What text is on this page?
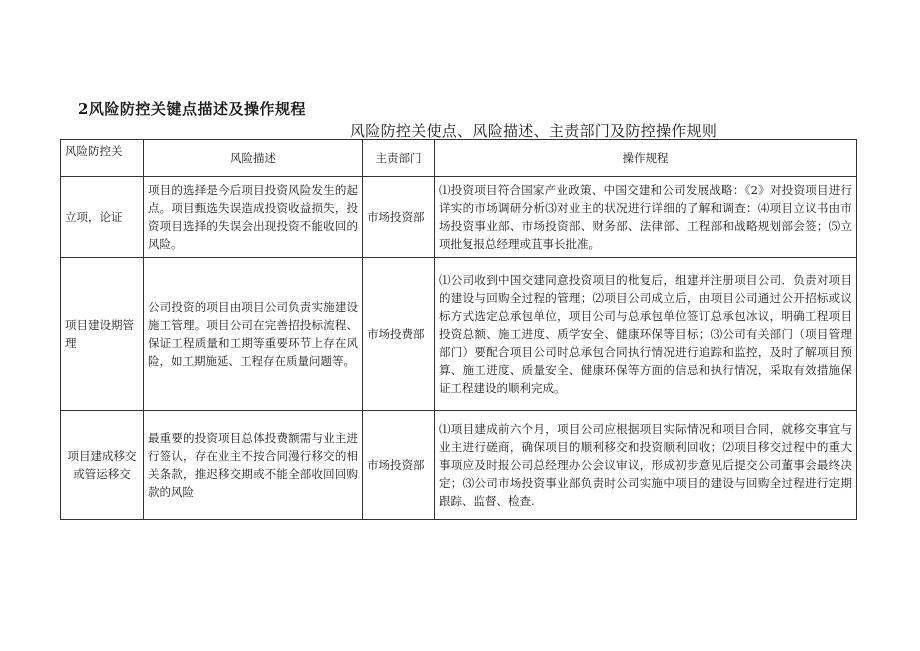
2风险防控关键点描述及操作规程
风险防控关使点、风险描述、主责部门及防控操作规则
风险防控关	风险描述	主责部门	操作规程
立项，论证	项目的选择是今后项目投资风险发生的起点。项目甄选失误造成投资收益损失，投资项目选择的失误会出现投资不能收回的风险。	市场投资部	⑴投资项目符合国家产业政策、中国交建和公司发展战略：《2》对投资项目进行详实的市场调研分析⑶对业主的状况进行详细的了解和调查：⑷项目立议书由市场投资事业部、市场投资部、财务部、法律部、工程部和战略规划部会签；⑸立项批复报总经理或苴事长批准。
项目建设期管理	公司投资的项目由项目公司负责实施建设施工管理。项目公司在完善招投标流程、保证工程质量和工期等重要环节上存在风险，如工期施延、工程存在质量问题等。	市场投费部	⑴公司收到中国交建同意投资项目的枇复后，组建并注册项目公司．负责对项目的建设与回购全过程的管理；⑵项目公司成立后，由项目公司通过公开招标或议标方式选定总承包单位，项目公司与总承包单位签订总承包冰议，明确工程项目投资总额、施工进度、质学安全、健康环保等目标；⑶公司有关部门（项目管理部门）要配合项目公司时总承包合同执行情况进行追踪和监控，及时了解项目预算、施工进度、质量安全、健康环保等方面的信忌和执行情况，采取有效措施保证工程建设的顺利完成。
项目建成移交或管运移交	最重要的投资项目总体投费额需与业主进行签认，存在业主不按合同漫行移交的相关条款，推迟移交期或不能全部收回回购款的风险	市场投资部	⑴项目建成前六个月，项目公司应根据项目实际情况和项目合同，就移交事宜与业主进行磋商，确保项目的顺利移交和投资顺利回收；⑵项目移交过程中的重大事项应及时报公司总经理办公会议审议，形成初步意见后提交公司董事会最终决定；⑶公司市场投资事业部负责时公司实施中项目的建设与回购全过程进行定期跟踪、监督、检查.
